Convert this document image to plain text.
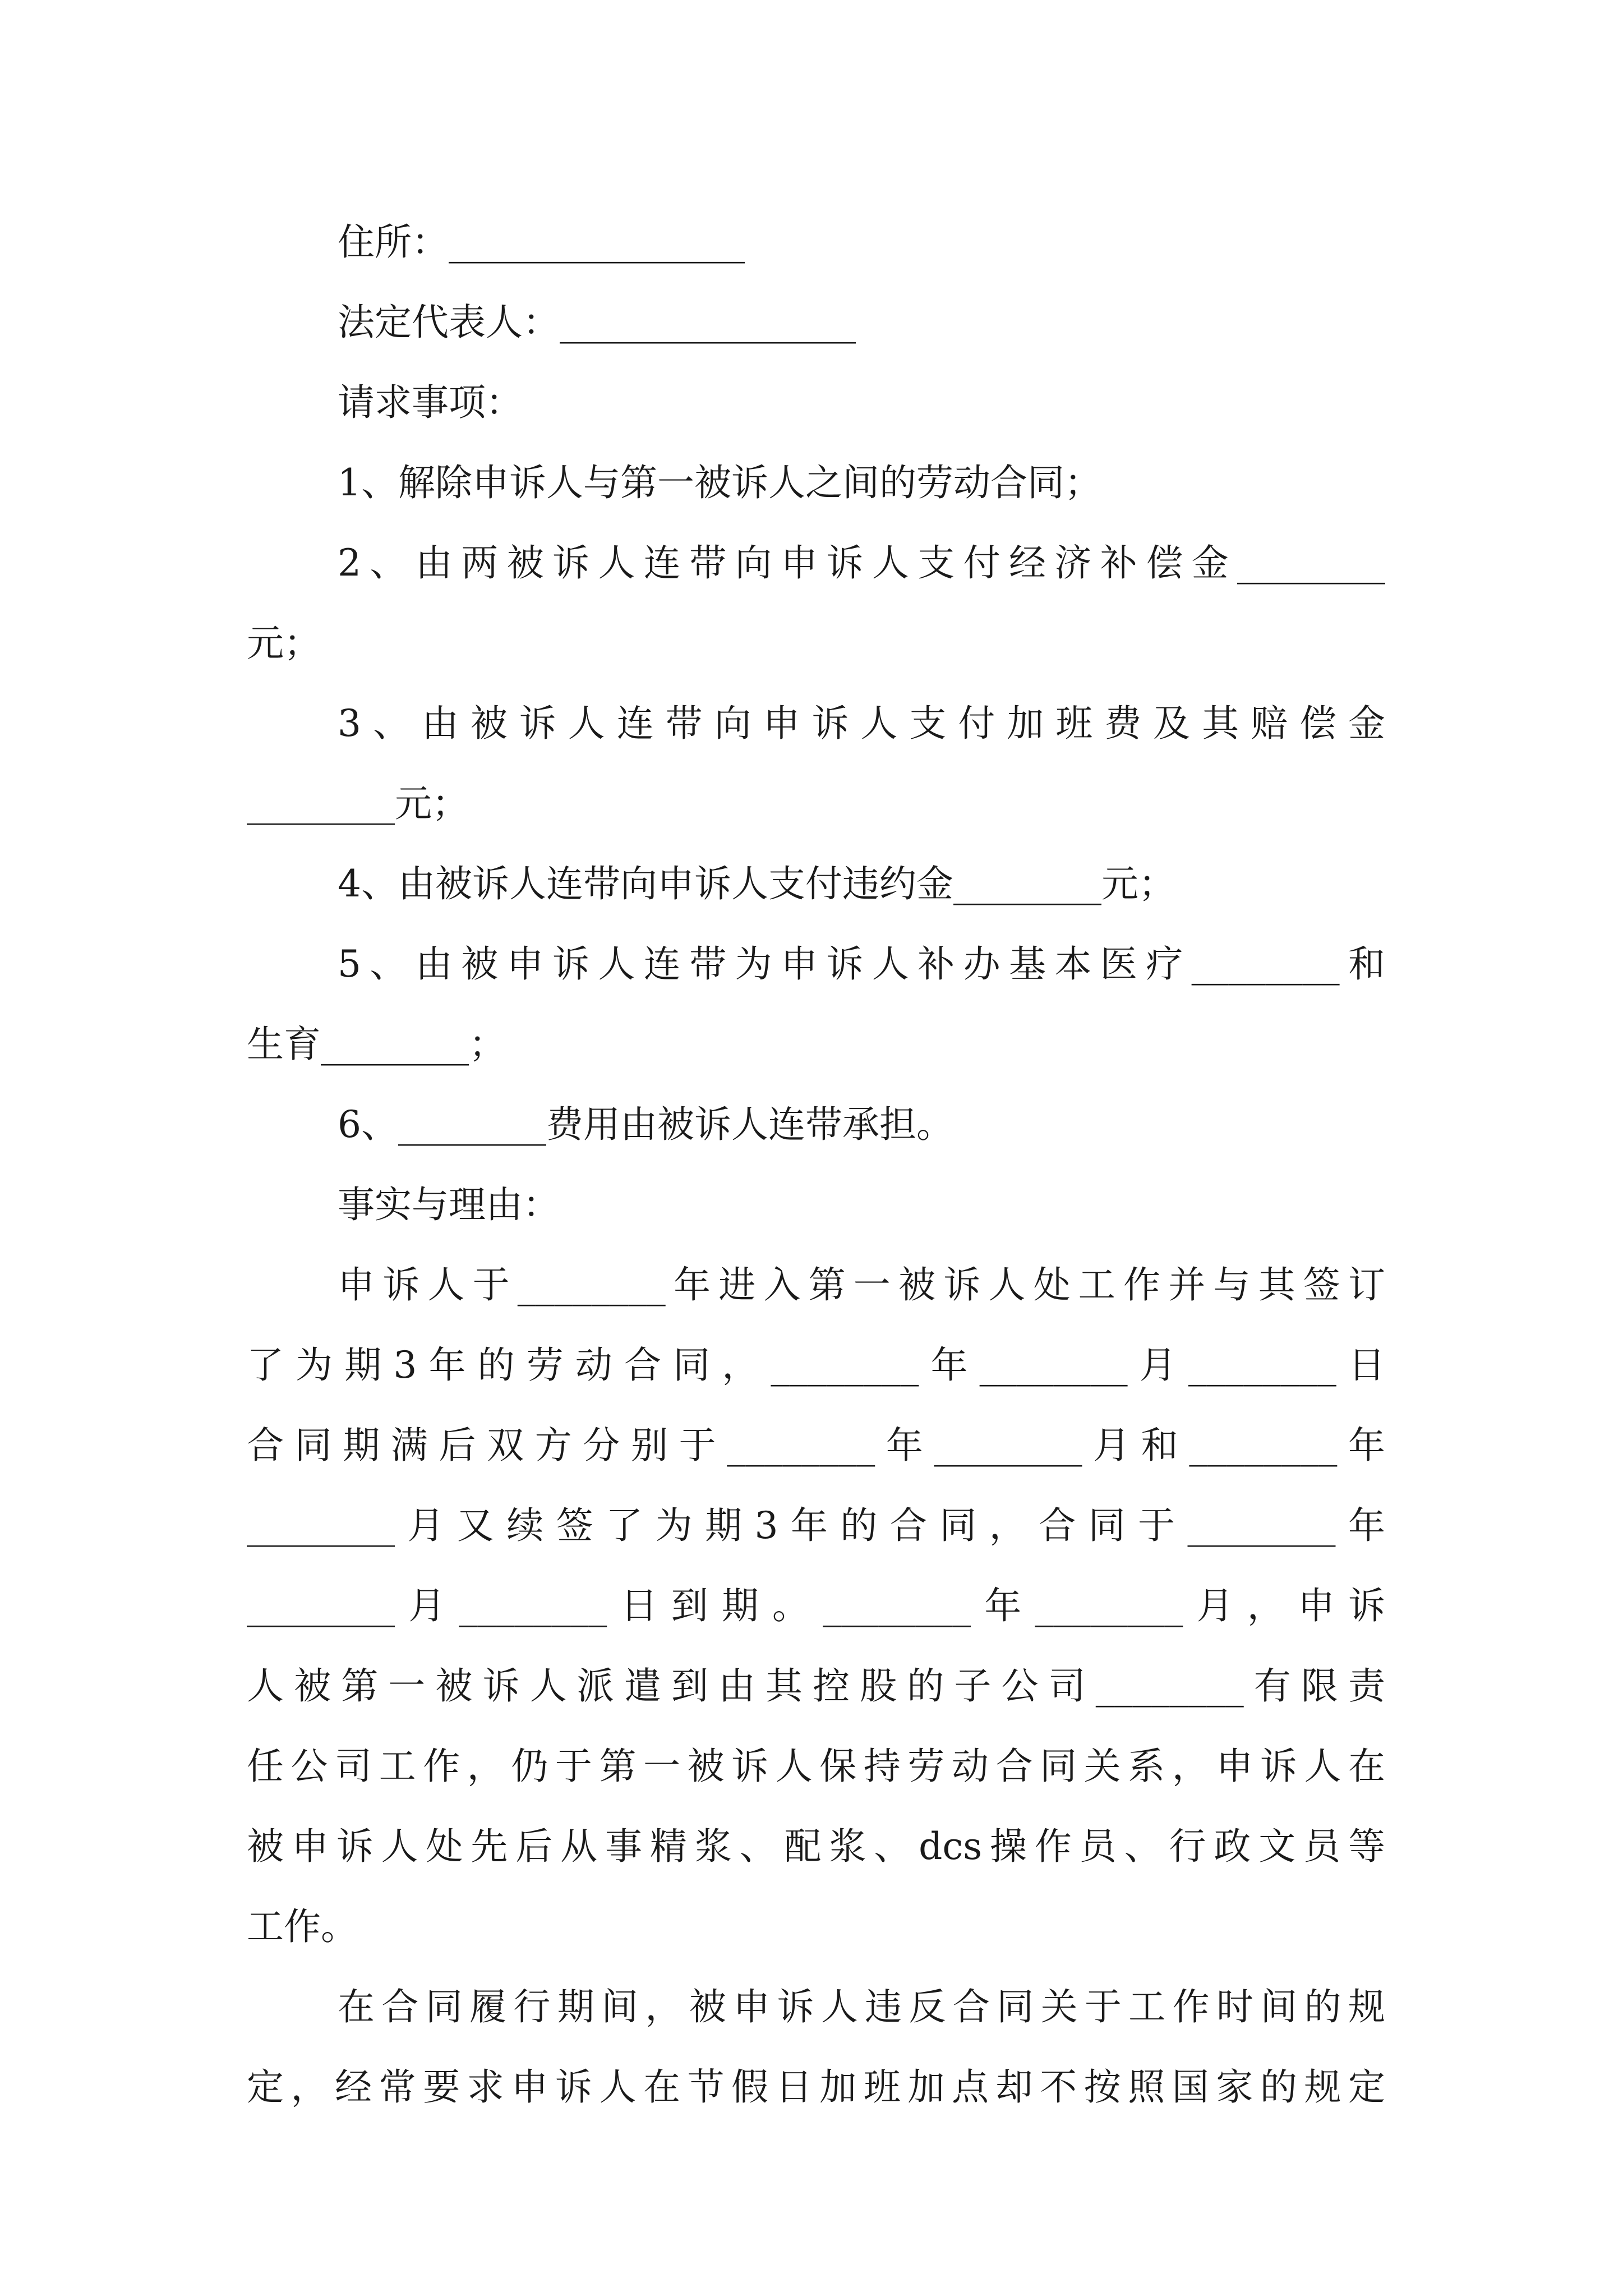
住所：________________
法定代表人：________________
请求事项：
1、解除申诉人与第一被诉人之间的劳动合同；
2、由两被诉人连带向申诉人支付经济补偿金________
元；
3、由被诉人连带向申诉人支付加班费及其赔偿金
________元；
4、由被诉人连带向申诉人支付违约金________元；
5、由被申诉人连带为申诉人补办基本医疗________和
生育________；
6、________费用由被诉人连带承担。
事实与理由：
申诉人于________年进入第一被诉人处工作并与其签订
了为期3年的劳动合同，________年________月________日
合同期满后双方分别于________年________月和________年
________月又续签了为期3年的合同，合同于________年
________月________日到期。________年________月，申诉
人被第一被诉人派遣到由其控股的子公司________有限责
任公司工作，仍于第一被诉人保持劳动合同关系，申诉人在
被申诉人处先后从事精浆、配浆、dcs操作员、行政文员等
工作。
在合同履行期间，被申诉人违反合同关于工作时间的规
定，经常要求申诉人在节假日加班加点却不按照国家的规定
